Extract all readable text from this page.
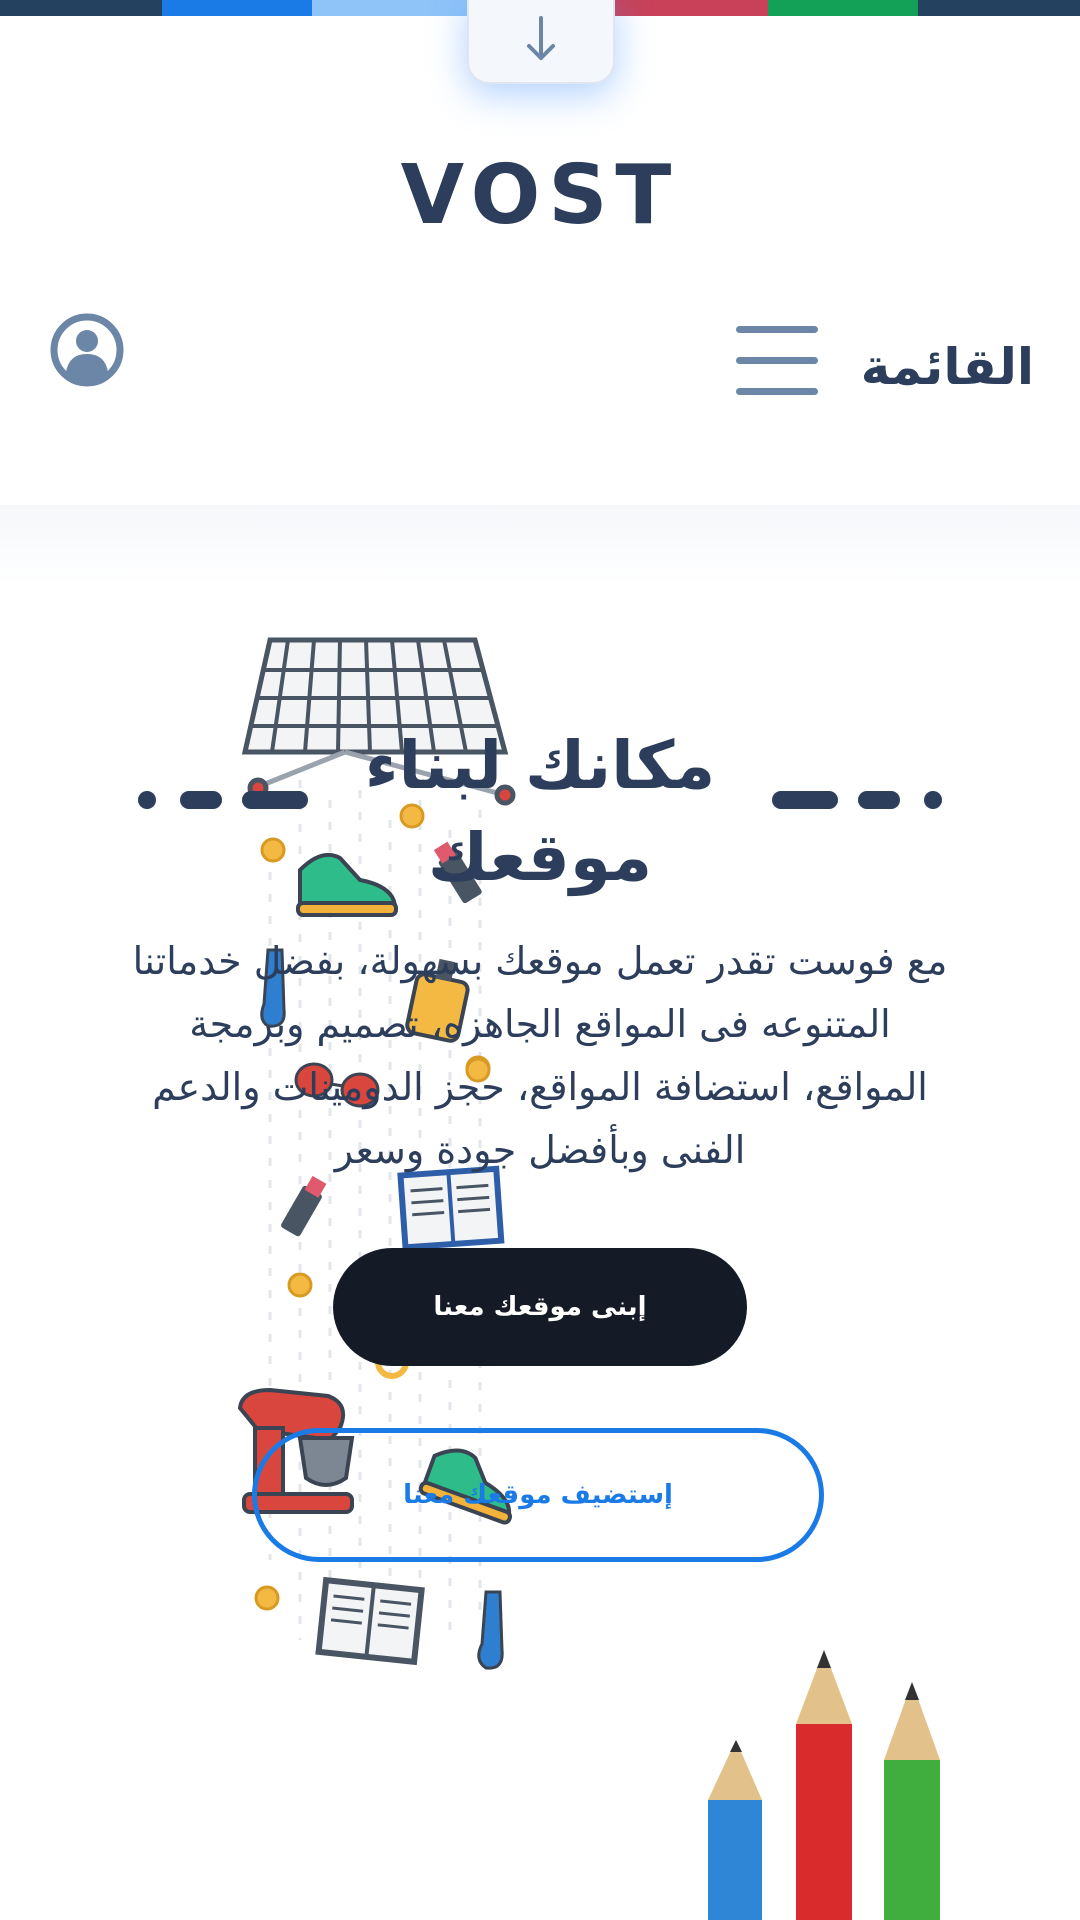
VOST
القائمة
مكانك لبناء
موقعك
مع فوست تقدر تعمل موقعك بسهولة، بفضل خدماتنا المتنوعه فى المواقع الجاهزه، تصميم وبرمجة المواقع، استضافة المواقع، حجز الدومينات والدعم الفنى وبأفضل جودة وسعر
إبنى موقعك معنا
إستضيف موقعك معنا
